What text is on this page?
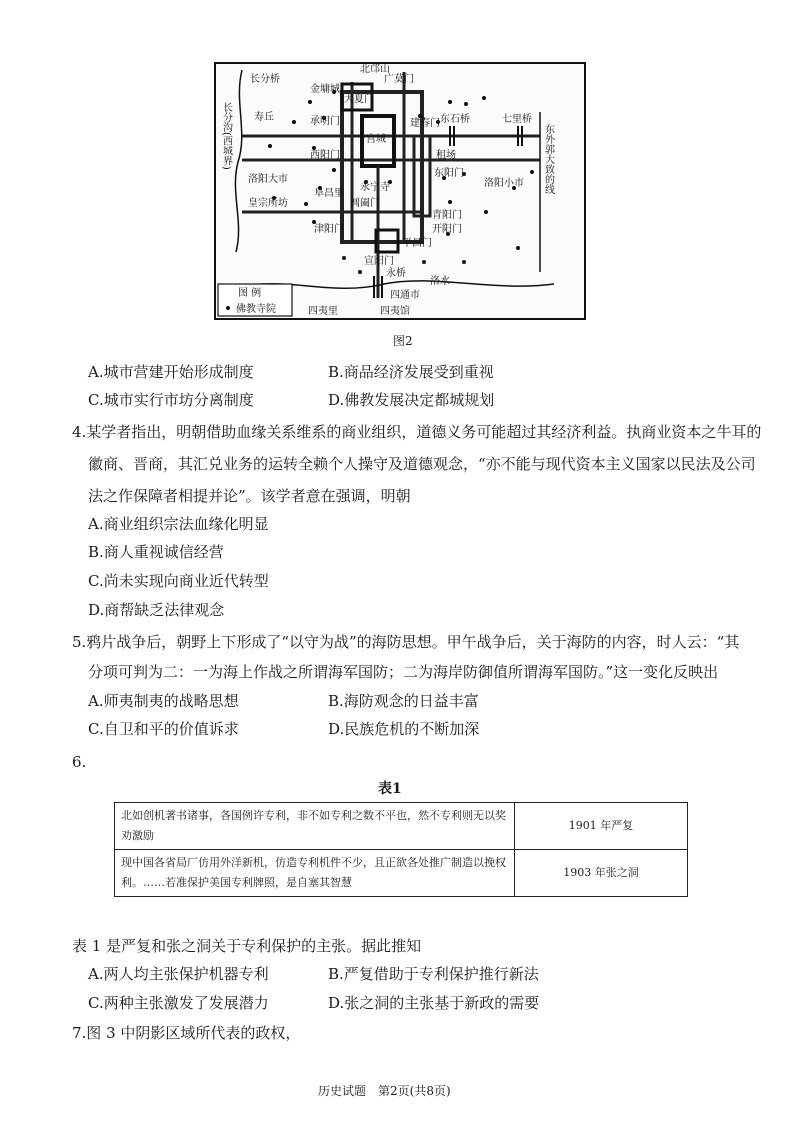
北邙山
广莫门
长分桥
金墉城
大夏门
长分沟(西城界) 寿丘	承明门
宫城
建春门 东石桥	七里桥
东外郭大致的线
西阳门	租场
洛阳大市
永宁寺
东阳门
洛阳小市
阜昌里
皇宗所坊	阊阖门
青阳门
津阳门	开阳门
平昌门
宣阳门
永桥
洛水
四通市
四夷里	四夷馆
图 例
佛教寺院
图2
A.城市营建开始形成制度	B.商品经济发展受到重视
C.城市实行市坊分离制度	D.佛教发展决定都城规划
4.某学者指出，明朝借助血缘关系维系的商业组织，道德义务可能超过其经济利益。执商业资本之牛耳的
徽商、晋商，其汇兑业务的运转全赖个人操守及道德观念，“亦不能与现代资本主义国家以民法及公司
法之作保障者相提并论”。该学者意在强调，明朝
A.商业组织宗法血缘化明显
B.商人重视诚信经营
C.尚未实现向商业近代转型
D.商帮缺乏法律观念
5.鸦片战争后，朝野上下形成了“以守为战”的海防思想。甲午战争后，关于海防的内容，时人云：“其
分项可判为二：一为海上作战之所谓海军国防；二为海岸防御值所谓海军国防。”这一变化反映出
A.师夷制夷的战略思想	B.海防观念的日益丰富
C.自卫和平的价值诉求	D.民族危机的不断加深
6.
表1
北如创机著书诸事，各国例许专利，非不如专利之数不平也，然不专利则无以奖劝激励	1901 年严复
现中国各省局厂仿用外洋新机，仿造专利机件不少，且正欲各处推广制造以挽权利。……若准保护美国专利牌照，是自塞其智慧	1903 年张之洞
表 1 是严复和张之洞关于专利保护的主张。据此推知
A.两人均主张保护机器专利	B.严复借助于专利保护推行新法
C.两种主张激发了发展潜力	D.张之洞的主张基于新政的需要
7.图 3 中阴影区域所代表的政权，
历史试题　第2页(共8页)
